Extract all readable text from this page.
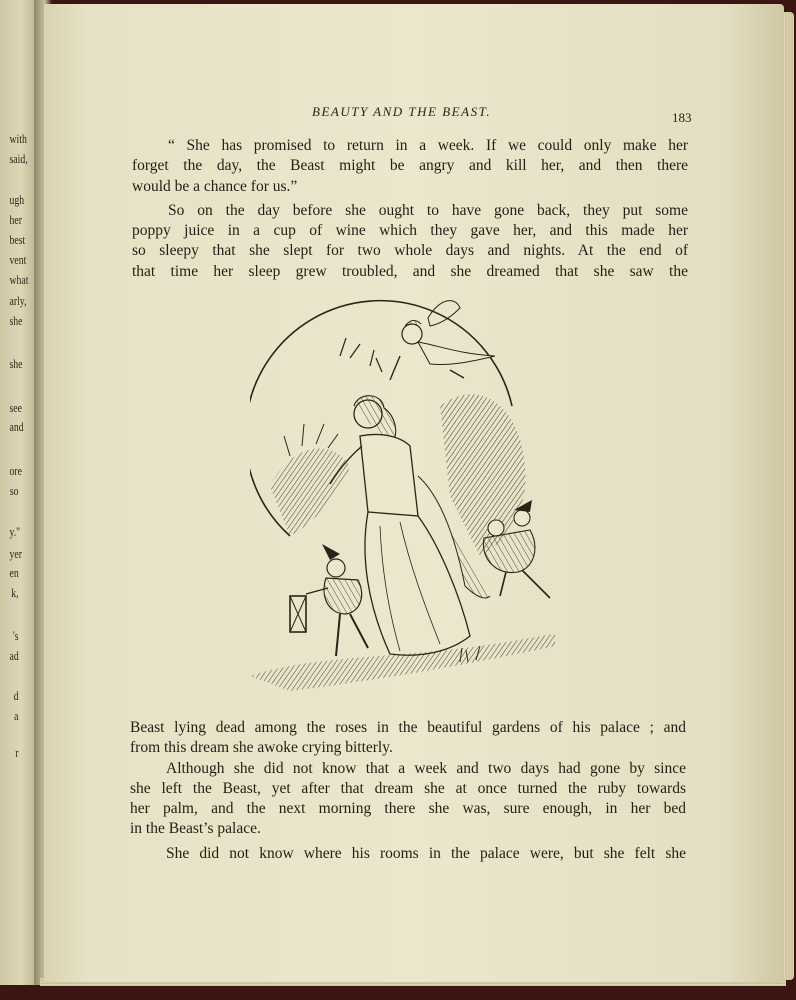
with
said,
ugh
her
best
vent
what
arly,
she
she
see
and
ore
so
y."
yer
en
k,
's
ad
d
a
r
BEAUTY AND THE BEAST.	183
“ She has promised to return in a week. If we could only make her
forget the day, the Beast might be angry and kill her, and then there
would be a chance for us.”
So on the day before she ought to have gone back, they put some
poppy juice in a cup of wine which they gave her, and this made her
so sleepy that she slept for two whole days and nights. At the end of
that time her sleep grew troubled, and she dreamed that she saw the
Beast lying dead among the roses in the beautiful gardens of his palace ; and
from this dream she awoke crying bitterly.
Although she did not know that a week and two days had gone by since
she left the Beast, yet after that dream she at once turned the ruby towards
her palm, and the next morning there she was, sure enough, in her bed
in the Beast’s palace.
She did not know where his rooms in the palace were, but she felt she
